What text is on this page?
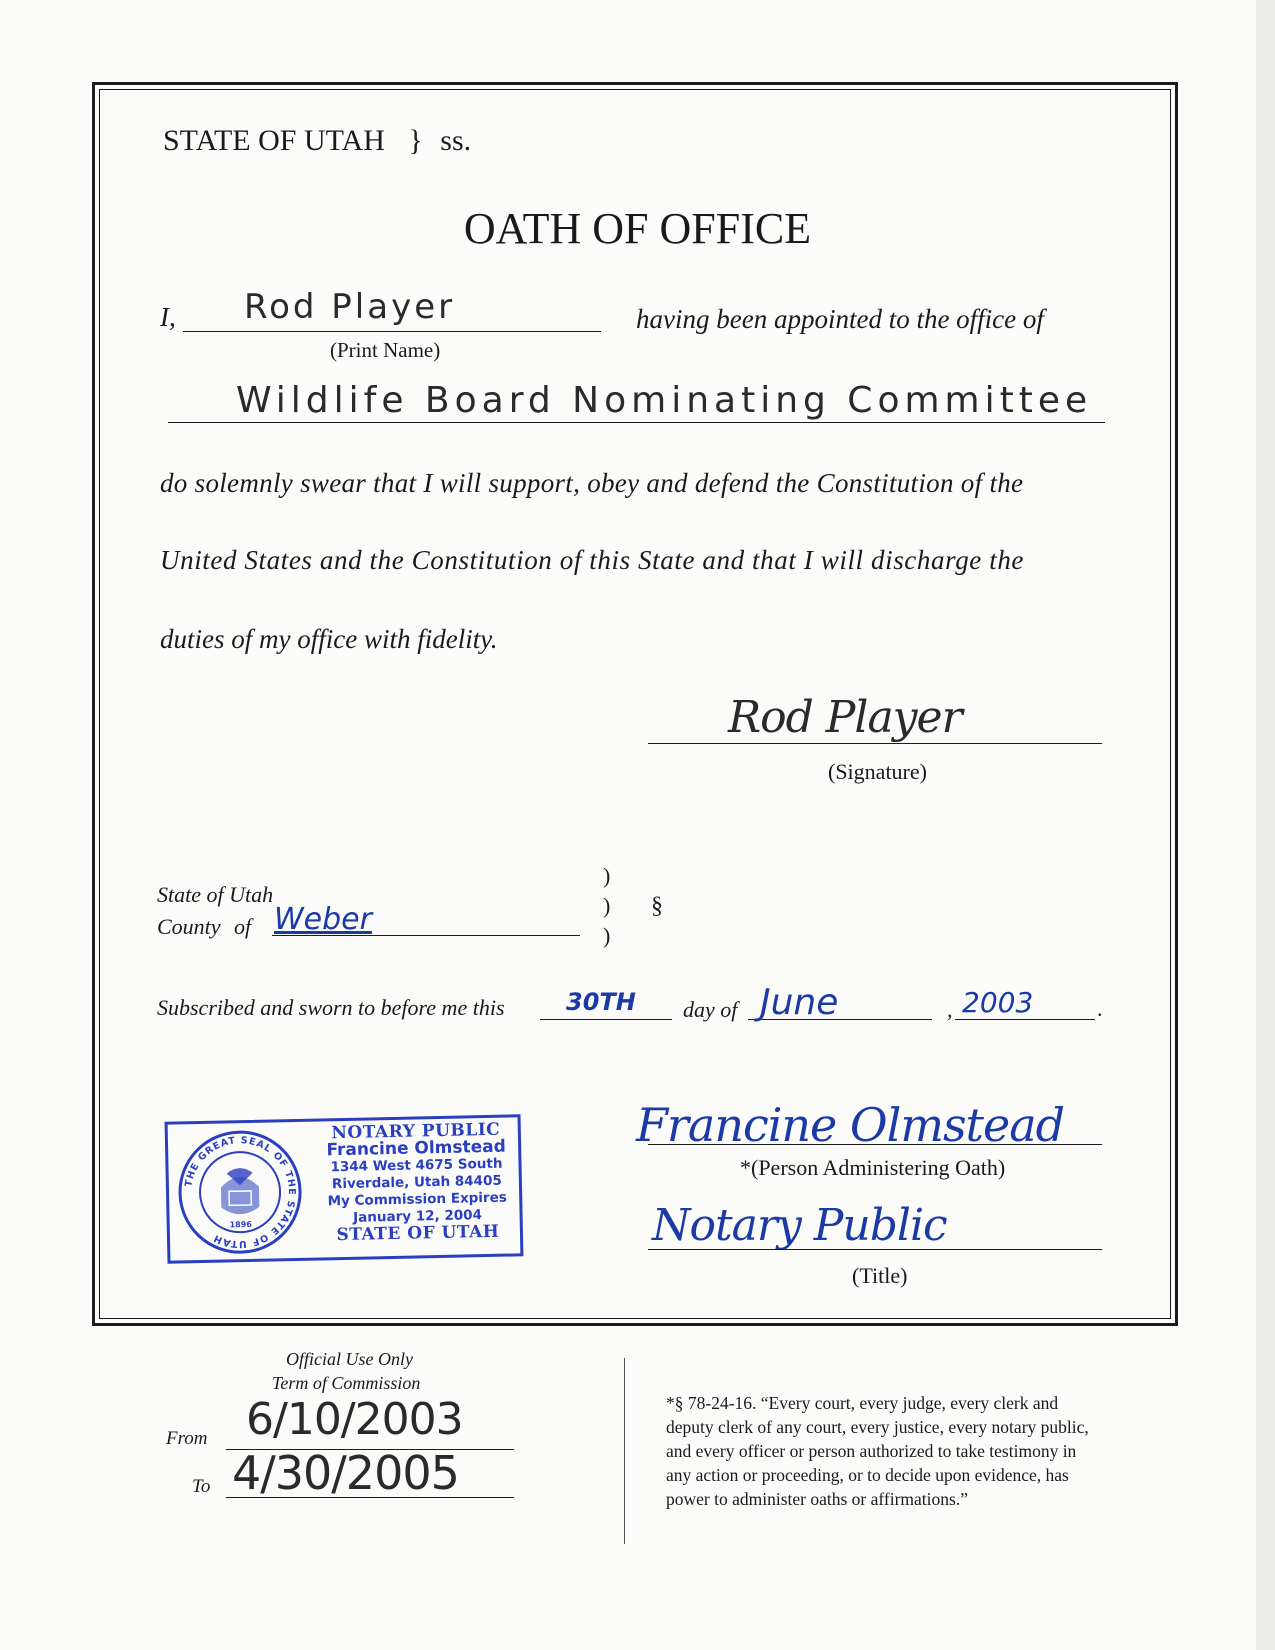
STATE OF UTAH } ss.
OATH OF OFFICE
I, Rod Player
(Print Name)
having been appointed to the office of
Wildlife Board Nominating Committee
do solemnly swear that I will support, obey and defend the Constitution of the
United States and the Constitution of this State and that I will discharge the
duties of my office with fidelity.
Rod Player
(Signature)
State of Utah
County of Weber
)
)
)
§
Subscribed and sworn to before me this	30TH day of June	, 2003	.
THE GREAT SEAL OF THE STATE OF UTAH
1896
NOTARY PUBLIC
Francine Olmstead
1344 West 4675 South
Riverdale, Utah 84405
My Commission Expires
January 12, 2004
STATE OF UTAH
Francine Olmstead
*(Person Administering Oath)
Notary Public
(Title)
Official Use Only
Term of Commission
From 6/10/2003
To 4/30/2005
*§ 78-24-16. “Every court, every judge, every clerk and
deputy clerk of any court, every justice, every notary public,
and every officer or person authorized to take testimony in
any action or proceeding, or to decide upon evidence, has
power to administer oaths or affirmations.”
